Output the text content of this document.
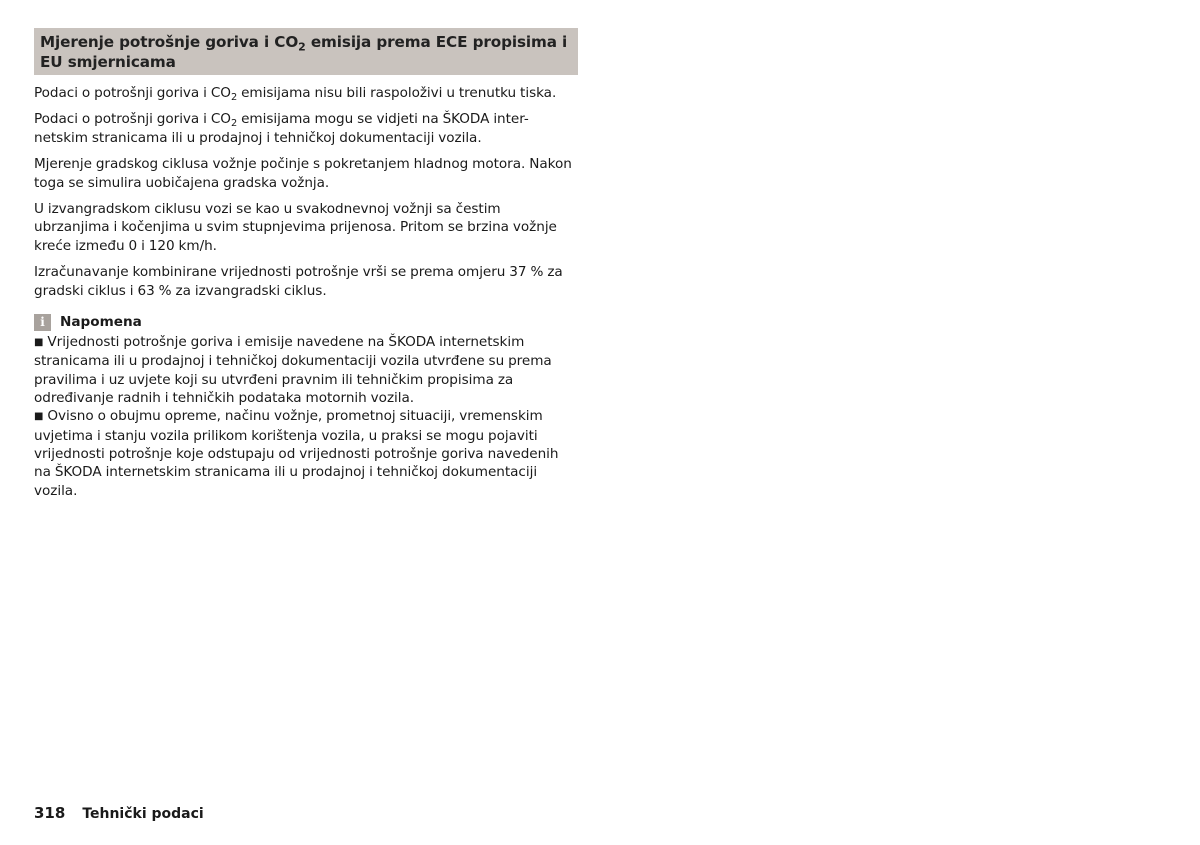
Mjerenje potrošnje goriva i $CO_2$ emisija prema ECE propisima i EU smjernicama

Podaci o potrošnji goriva i $CO_2$ emisijama nisu bili raspoloživi u trenutku tiska.

Podaci o potrošnji goriva i $CO_2$ emisijama mogu se vidjeti na ŠKODA inter-netskim stranicama ili u prodajnoj i tehničkoj dokumentaciji vozila.

Mjerenje gradskog ciklusa vožnje počinje s pokretanjem hladnog motora. Nakon toga se simulira uobičajena gradska vožnja.

U izvangradskom ciklusu vozi se kao u svakodnevnoj vožnji sa čestim ubrzanjima i kočenjima u svim stupnjevima prijenosa. Pritom se brzina vožnje kreće između 0 i 120 km/h.

Izračunavanje kombinirane vrijednosti potrošnje vrši se prema omjeru 37 % za gradski ciklus i 63 % za izvangradski ciklus.

i	Napomena

■ Vrijednosti potrošnje goriva i emisije navedene na ŠKODA internetskim stranicama ili u prodajnoj i tehničkoj dokumentaciji vozila utvrđene su prema pravilima i uz uvjete koji su utvrđeni pravnim ili tehničkim propisima za određivanje radnih i tehničkih podataka motornih vozila.

■ Ovisno o obujmu opreme, načinu vožnje, prometnoj situaciji, vremenskim uvjetima i stanju vozila prilikom korištenja vozila, u praksi se mogu pojaviti vrijednosti potrošnje koje odstupaju od vrijednosti potrošnje goriva navedenih na ŠKODA internetskim stranicama ili u prodajnoj i tehničkoj dokumentaciji vozila.

318 Tehnički podaci
